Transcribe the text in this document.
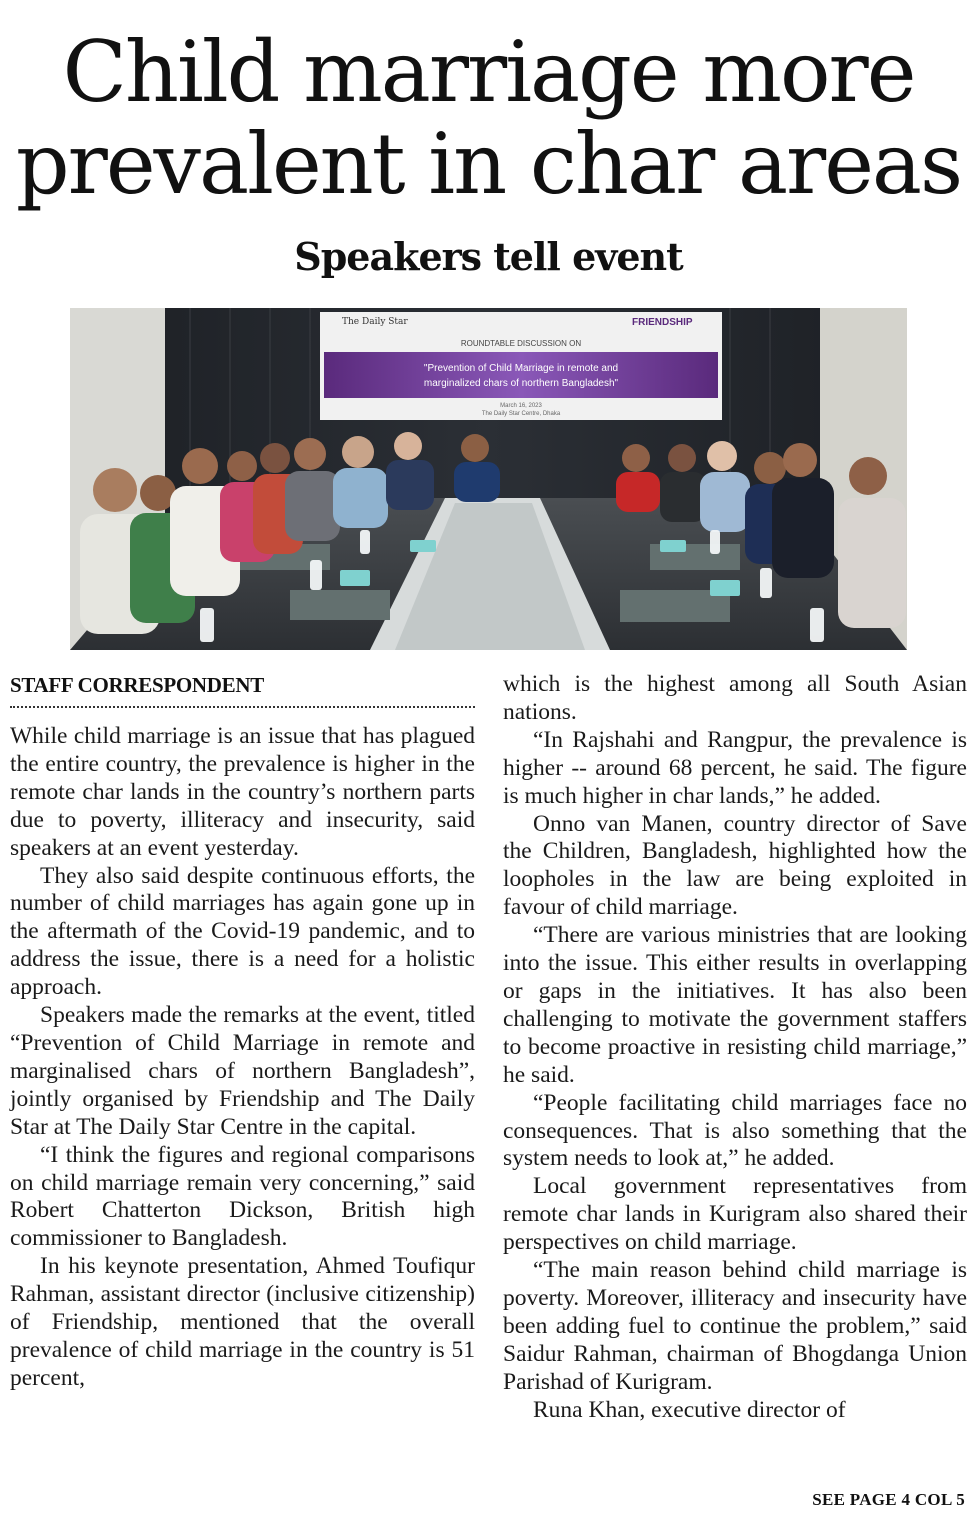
Child marriage more
prevalent in char areas
Speakers tell event
The Daily Star	FRIENDSHIP
ROUNDTABLE DISCUSSION ON
"Prevention of Child Marriage in remote and
marginalized chars of northern Bangladesh"
March 16, 2023
The Daily Star Centre, Dhaka
STAFF CORRESPONDENT

While child marriage is an issue that has plagued the entire country, the prevalence is higher in the remote char lands in the country’s northern parts due to poverty, illiteracy and insecurity, said speakers at an event yesterday.

They also said despite continuous efforts, the number of child marriages has again gone up in the aftermath of the Covid-19 pandemic, and to address the issue, there is a need for a holistic approach.

Speakers made the remarks at the event, titled “Prevention of Child Marriage in remote and marginalised chars of northern Bangladesh”, jointly organised by Friendship and The Daily Star at The Daily Star Centre in the capital.

“I think the figures and regional comparisons on child marriage remain very concerning,” said Robert Chatterton Dickson, British high commissioner to Bangladesh.

In his keynote presentation, Ahmed Toufiqur Rahman, assistant director (inclusive citizenship) of Friendship, mentioned that the overall prevalence of child marriage in the country is 51 percent,

which is the highest among all South Asian nations.

“In Rajshahi and Rangpur, the prevalence is higher -- around 68 percent, he said. The figure is much higher in char lands,” he added.

Onno van Manen, country director of Save the Children, Bangladesh, highlighted how the loopholes in the law are being exploited in favour of child marriage.

“There are various ministries that are looking into the issue. This either results in overlapping or gaps in the initiatives. It has also been challenging to motivate the government staffers to become proactive in resisting child marriage,” he said.

“People facilitating child marriages face no consequences. That is also something that the system needs to look at,” he added.

Local government representatives from remote char lands in Kurigram also shared their perspectives on child marriage.

“The main reason behind child marriage is poverty. Moreover, illiteracy and insecurity have been adding fuel to continue the problem,” said Saidur Rahman, chairman of Bhogdanga Union Parishad of Kurigram.

Runa Khan, executive director of

SEE PAGE 4 COL 5
